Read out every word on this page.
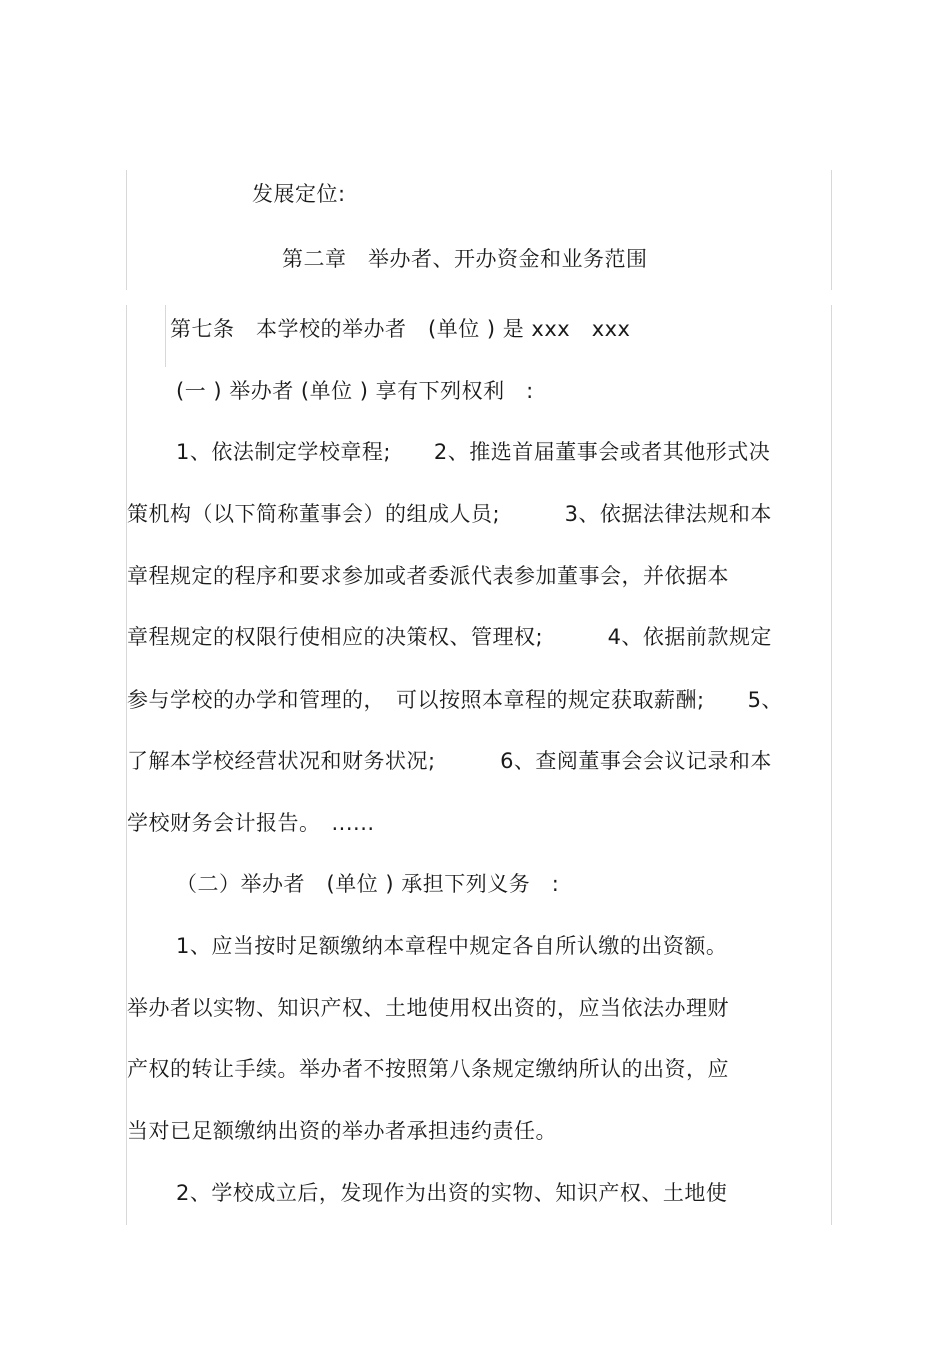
发展定位:
第二章　举办者、开办资金和业务范围
第七条　本学校的举办者　(单位 ) 是 xxx　xxx
(一 ) 举办者 (单位 ) 享有下列权利　:
1、依法制定学校章程;　　2、推选首届董事会或者其他形式决
策机构（以下简称董事会）的组成人员;　　　3、依据法律法规和本
章程规定的程序和要求参加或者委派代表参加董事会，并依据本
章程规定的权限行使相应的决策权、管理权;　　　4、依据前款规定
参与学校的办学和管理的，　可以按照本章程的规定获取薪酬;　　5、
了解本学校经营状况和财务状况;　　　6、查阅董事会会议记录和本
学校财务会计报告。　......
（二）举办者　(单位 ) 承担下列义务　:
1、应当按时足额缴纳本章程中规定各自所认缴的出资额。
举办者以实物、知识产权、土地使用权出资的，应当依法办理财
产权的转让手续。举办者不按照第八条规定缴纳所认的出资，应
当对已足额缴纳出资的举办者承担违约责任。
2、学校成立后，发现作为出资的实物、知识产权、土地使
